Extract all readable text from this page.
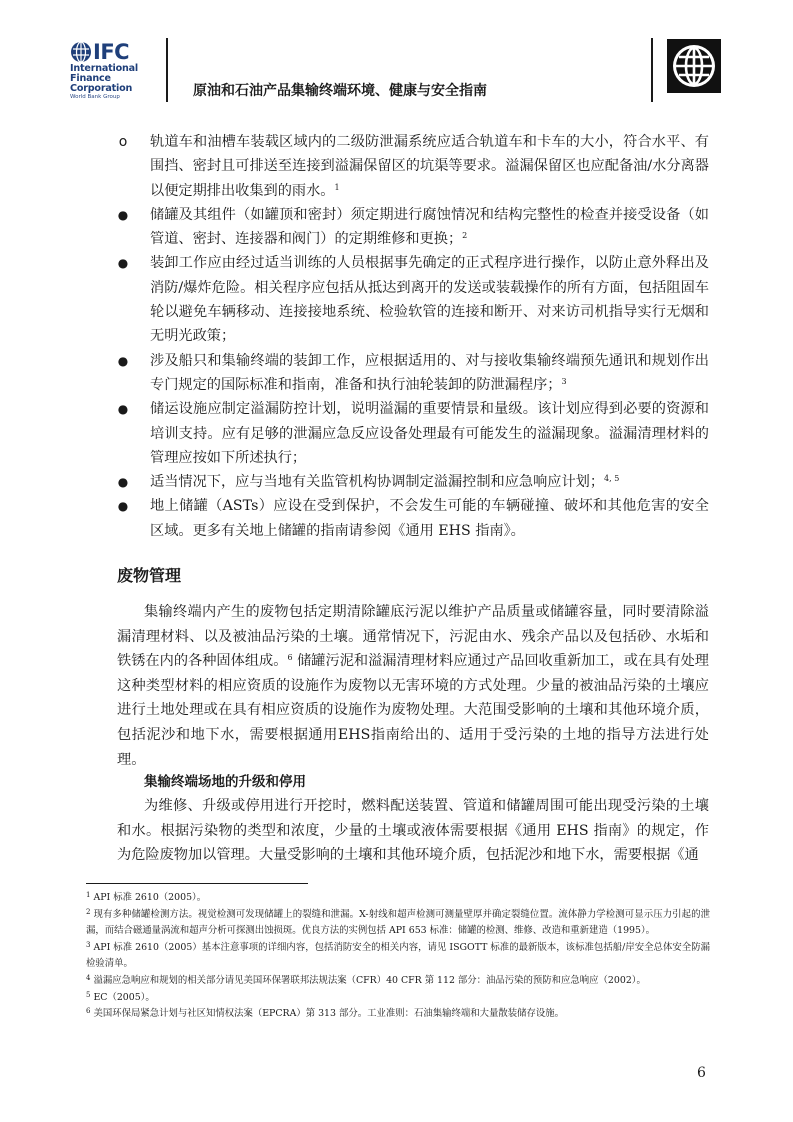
IFC
International
Finance
Corporation
World Bank Group	原油和石油产品集输终端环境、健康与安全指南
o 轨道车和油槽车装载区域内的二级防泄漏系统应适合轨道车和卡车的大小，符合水平、有围挡、密封且可排送至连接到溢漏保留区的坑渠等要求。溢漏保留区也应配备油/水分离器以便定期排出收集到的雨水。$^1$
● 储罐及其组件（如罐顶和密封）须定期进行腐蚀情况和结构完整性的检查并接受设备（如管道、密封、连接器和阀门）的定期维修和更换；$^2$
● 装卸工作应由经过适当训练的人员根据事先确定的正式程序进行操作，以防止意外释出及消防/爆炸危险。相关程序应包括从抵达到离开的发送或装载操作的所有方面，包括阻固车轮以避免车辆移动、连接接地系统、检验软管的连接和断开、对来访司机指导实行无烟和无明光政策；
● 涉及船只和集输终端的装卸工作，应根据适用的、对与接收集输终端预先通讯和规划作出专门规定的国际标准和指南，准备和执行油轮装卸的防泄漏程序；$^3$
● 储运设施应制定溢漏防控计划，说明溢漏的重要情景和量级。该计划应得到必要的资源和培训支持。应有足够的泄漏应急反应设备处理最有可能发生的溢漏现象。溢漏清理材料的管理应按如下所述执行；
● 适当情况下，应与当地有关监管机构协调制定溢漏控制和应急响应计划；$^{4, 5}$
● 地上储罐（ASTs）应设在受到保护，不会发生可能的车辆碰撞、破坏和其他危害的安全区域。更多有关地上储罐的指南请参阅《通用 EHS 指南》。
废物管理
集输终端内产生的废物包括定期清除罐底污泥以维护产品质量或储罐容量，同时要清除溢漏清理材料、以及被油品污染的土壤。通常情况下，污泥由水、残余产品以及包括砂、水垢和铁锈在内的各种固体组成。$^6$ 储罐污泥和溢漏清理材料应通过产品回收重新加工，或在具有处理这种类型材料的相应资质的设施作为废物以无害环境的方式处理。少量的被油品污染的土壤应进行土地处理或在具有相应资质的设施作为废物处理。大范围受影响的土壤和其他环境介质，包括泥沙和地下水，需要根据通用EHS指南给出的、适用于受污染的土地的指导方法进行处理。
集输终端场地的升级和停用
为维修、升级或停用进行开挖时，燃料配送装置、管道和储罐周围可能出现受污染的土壤和水。根据污染物的类型和浓度，少量的土壤或液体需要根据《通用 EHS 指南》的规定，作为危险废物加以管理。大量受影响的土壤和其他环境介质，包括泥沙和地下水，需要根据《通

$^1$ API 标准 2610（2005）。

$^2$ 现有多种储罐检测方法。视觉检测可发现储罐上的裂缝和泄漏。X-射线和超声检测可测量壁厚并确定裂缝位置。流体静力学检测可显示压力引起的泄漏，而结合磁通量涡流和超声分析可探测出蚀损斑。优良方法的实例包括 API 653 标准：储罐的检测、维修、改造和重新建造（1995）。

$^3$ API 标准 2610（2005）基本注意事项的详细内容，包括消防安全的相关内容，请见 ISGOTT 标准的最新版本，该标准包括船/岸安全总体安全防漏检验清单。

$^4$ 溢漏应急响应和规划的相关部分请见美国环保署联邦法规法案（CFR）40 CFR 第 112 部分：油品污染的预防和应急响应（2002）。

$^5$ EC（2005）。

$^6$ 美国环保局紧急计划与社区知情权法案（EPCRA）第 313 部分。工业准则：石油集输终端和大量散装储存设施。

6
